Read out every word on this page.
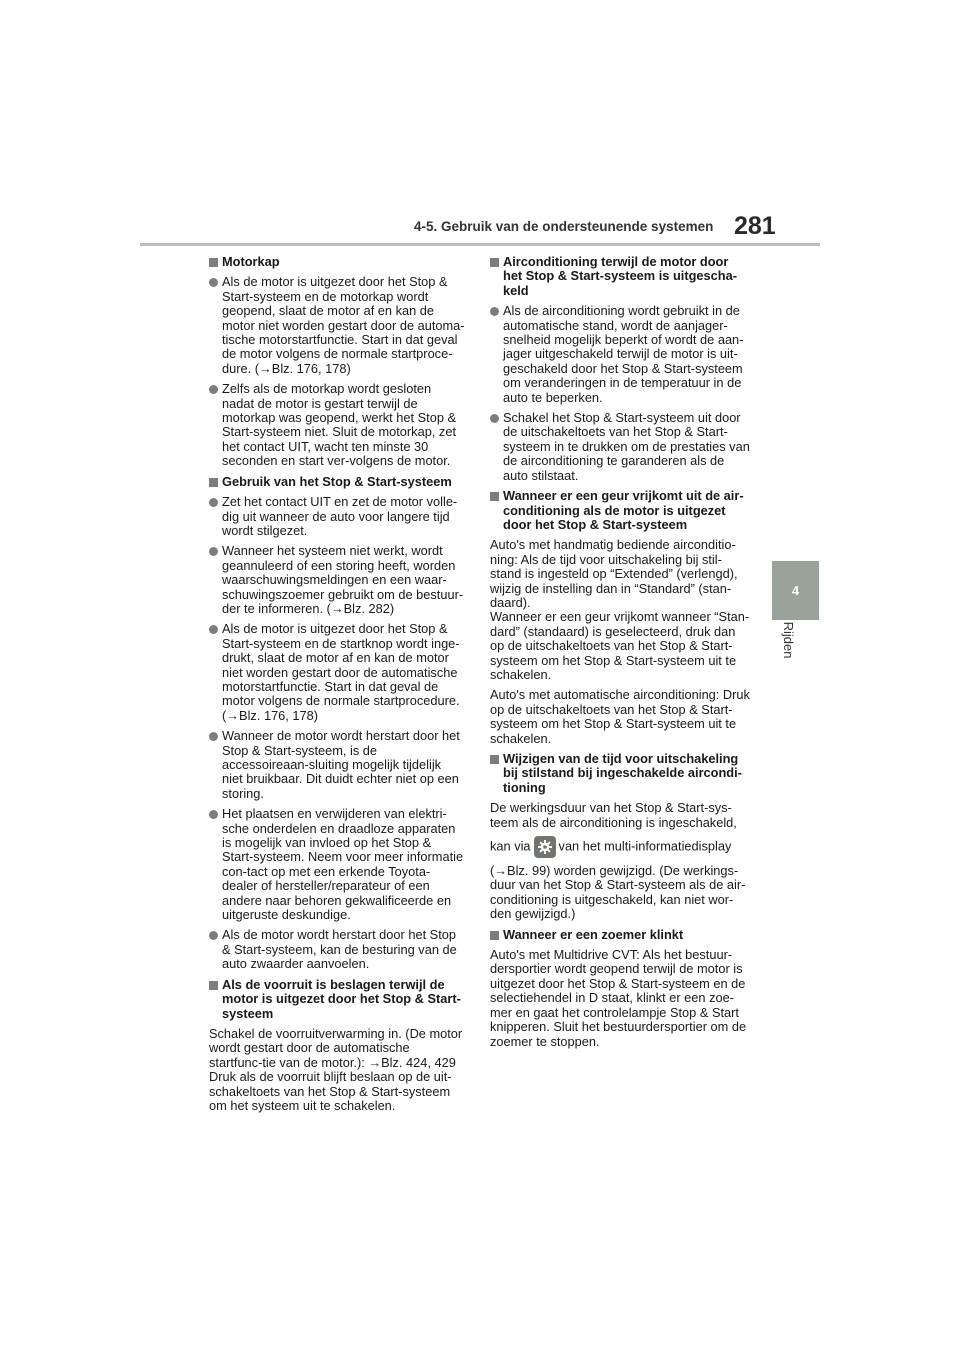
4-5. Gebruik van de ondersteunende systemen 281
4
Rijden
Motorkap
Als de motor is uitgezet door het Stop & Start-systeem en de motorkap wordt geopend, slaat de motor af en kan de motor niet worden gestart door de automa-tische motorstartfunctie. Start in dat geval de motor volgens de normale startproce-dure. (→Blz. 176, 178)
Zelfs als de motorkap wordt gesloten nadat de motor is gestart terwijl de motorkap was geopend, werkt het Stop & Start-systeem niet. Sluit de motorkap, zet het contact UIT, wacht ten minste 30 seconden en start ver-volgens de motor.
Gebruik van het Stop & Start-systeem
Zet het contact UIT en zet de motor volle-dig uit wanneer de auto voor langere tijd wordt stilgezet.
Wanneer het systeem niet werkt, wordt geannuleerd of een storing heeft, worden waarschuwingsmeldingen en een waar-schuwingszoemer gebruikt om de bestuur-der te informeren. (→Blz. 282)
Als de motor is uitgezet door het Stop & Start-systeem en de startknop wordt inge-drukt, slaat de motor af en kan de motor niet worden gestart door de automatische motorstartfunctie. Start in dat geval de motor volgens de normale startprocedure. (→Blz. 176, 178)
Wanneer de motor wordt herstart door het Stop & Start-systeem, is de accessoireaan-sluiting mogelijk tijdelijk niet bruikbaar. Dit duidt echter niet op een storing.
Het plaatsen en verwijderen van elektri-sche onderdelen en draadloze apparaten is mogelijk van invloed op het Stop & Start-systeem. Neem voor meer informatie con-tact op met een erkende Toyota-dealer of hersteller/reparateur of een andere naar behoren gekwalificeerde en uitgeruste deskundige.
Als de motor wordt herstart door het Stop & Start-systeem, kan de besturing van de auto zwaarder aanvoelen.
Als de voorruit is beslagen terwijl de motor is uitgezet door het Stop & Start-systeem
Schakel de voorruitverwarming in. (De motor wordt gestart door de automatische startfunc-tie van de motor.): →Blz. 424, 429
Druk als de voorruit blijft beslaan op de uit-schakeltoets van het Stop & Start-systeem om het systeem uit te schakelen.
Airconditioning terwijl de motor door het Stop & Start-systeem is uitgescha-keld
Als de airconditioning wordt gebruikt in de automatische stand, wordt de aanjager-snelheid mogelijk beperkt of wordt de aan-jager uitgeschakeld terwijl de motor is uit-geschakeld door het Stop & Start-systeem om veranderingen in de temperatuur in de auto te beperken.
Schakel het Stop & Start-systeem uit door de uitschakeltoets van het Stop & Start-systeem in te drukken om de prestaties van de airconditioning te garanderen als de auto stilstaat.
Wanneer er een geur vrijkomt uit de air-conditioning als de motor is uitgezet door het Stop & Start-systeem
Auto's met handmatig bediende airconditio-ning: Als de tijd voor uitschakeling bij stil-stand is ingesteld op “Extended” (verlengd), wijzig de instelling dan in “Standard” (stan-daard).
Wanneer er een geur vrijkomt wanneer “Stan-dard” (standaard) is geselecteerd, druk dan op de uitschakeltoets van het Stop & Start-systeem om het Stop & Start-systeem uit te schakelen.
Auto's met automatische airconditioning: Druk op de uitschakeltoets van het Stop & Start-systeem om het Stop & Start-systeem uit te schakelen.
Wijzigen van de tijd voor uitschakeling bij stilstand bij ingeschakelde aircondi-tioning
De werkingsduur van het Stop & Start-sys-teem als de airconditioning is ingeschakeld,
kan via van het multi-informatiedisplay
(→Blz. 99) worden gewijzigd. (De werkings-duur van het Stop & Start-systeem als de air-conditioning is uitgeschakeld, kan niet wor-den gewijzigd.)
Wanneer er een zoemer klinkt
Auto's met Multidrive CVT: Als het bestuur-dersportier wordt geopend terwijl de motor is uitgezet door het Stop & Start-systeem en de selectiehendel in D staat, klinkt er een zoe-mer en gaat het controlelampje Stop & Start knipperen. Sluit het bestuurdersportier om de zoemer te stoppen.
